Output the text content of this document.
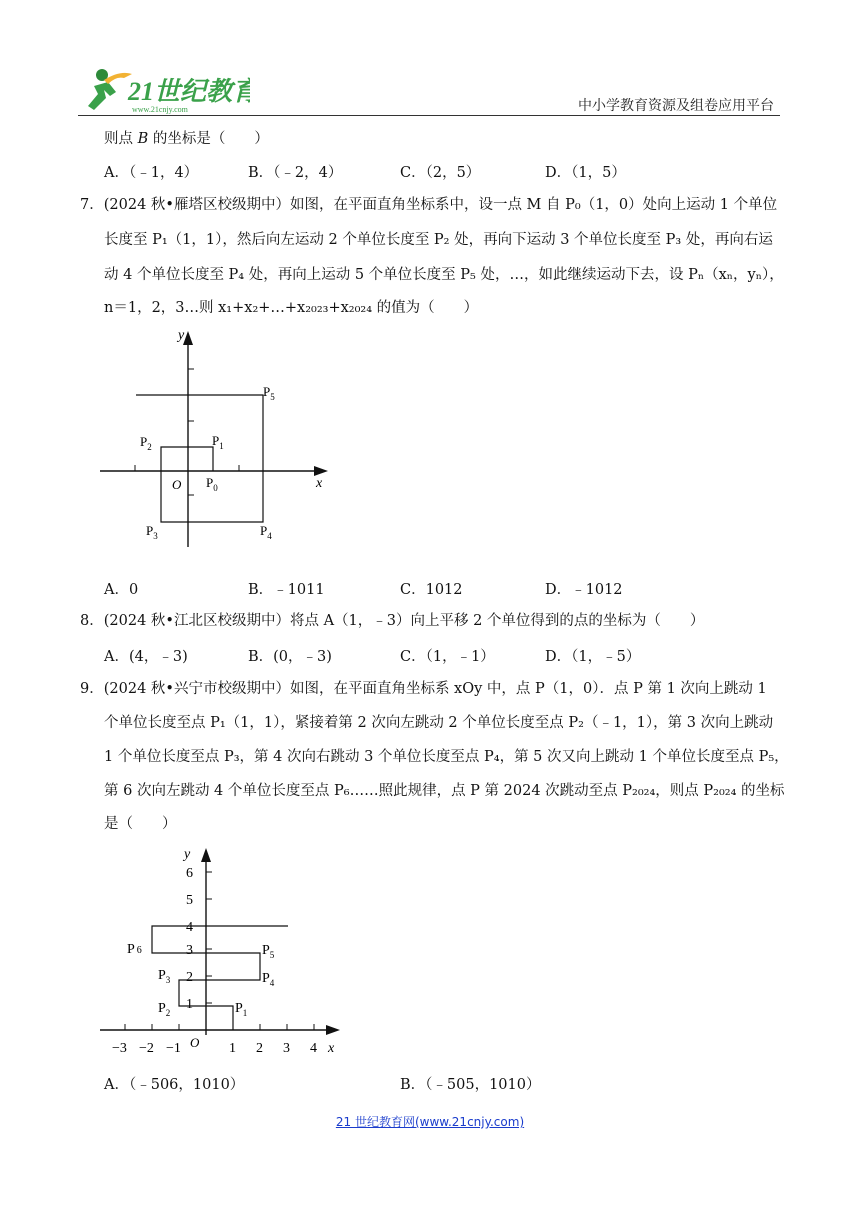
21世纪教育
www.21cnjy.com	中小学教育资源及组卷应用平台
则点 B 的坐标是（　　）
A．（﹣1，4）	B．（﹣2，4）	C．（2，5）	D．（1，5）
7．(2024 秋•雁塔区校级期中）如图，在平面直角坐标系中，设一点 M 自 P₀（1，0）处向上运动 1 个单位
长度至 P₁（1，1），然后向左运动 2 个单位长度至 P₂ 处，再向下运动 3 个单位长度至 P₃ 处，再向右运
动 4 个单位长度至 P₄ 处，再向上运动 5 个单位长度至 P₅ 处，…，如此继续运动下去，设 Pₙ（xₙ，yₙ），
n＝1，2，3…则 x₁+x₂+…+x₂₀₂₃+x₂₀₂₄ 的值为（　　）
y
x
O
$P_5$
$P_2$	$P_1$
$P_0$
$P_3$	$P_4$
A．0	B．﹣1011	C．1012	D．﹣1012
8．(2024 秋•江北区校级期中）将点 A（1，﹣3）向上平移 2 个单位得到的点的坐标为（　　）
A．(4，﹣3)	B．(0，﹣3)	C．（1，﹣1）	D．（1，﹣5）
9．(2024 秋•兴宁市校级期中）如图，在平面直角坐标系 xOy 中，点 P（1，0）．点 P 第 1 次向上跳动 1
个单位长度至点 P₁（1，1），紧接着第 2 次向左跳动 2 个单位长度至点 P₂（﹣1，1），第 3 次向上跳动
1 个单位长度至点 P₃，第 4 次向右跳动 3 个单位长度至点 P₄，第 5 次又向上跳动 1 个单位长度至点 P₅，
第 6 次向左跳动 4 个单位长度至点 P₆……照此规律，点 P 第 2024 次跳动至点 P₂₀₂₄，则点 P₂₀₂₄ 的坐标
是（　　）
−3 −2 −1	1 2 3 4
1
2
3
4
5
6
y
x
O
P 6	$P_5$
$P_4$
$P_3$
$P_2$	$P_1$
A．（﹣506，1010）	B．（﹣505，1010）
21 世纪教育网(www.21cnjy.com)
